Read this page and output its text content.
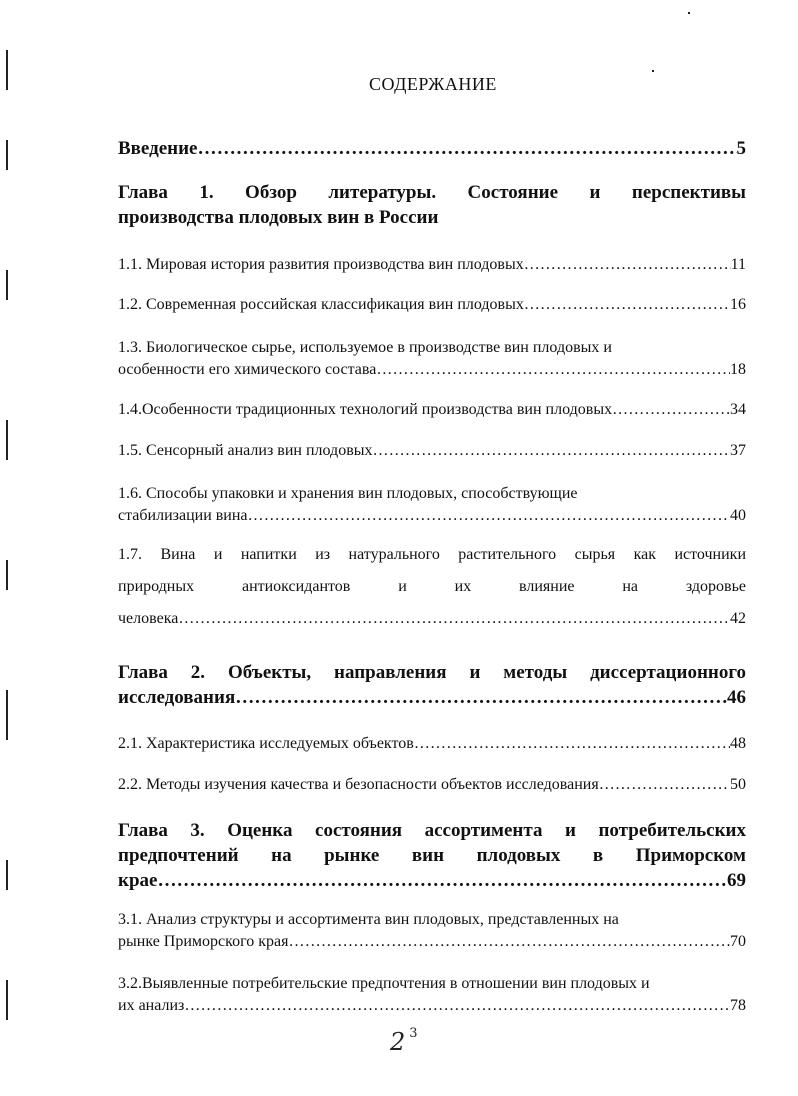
СОДЕРЖАНИЕ
Введение …………………………………………………………………………………………………………………………………………	5
Глава 1. Обзор литературы. Состояние и перспективы
производства плодовых вин в России
1.1. Мировая история развития производства вин плодовых …………………………………………………………………………………………………………………………………………	11
1.2. Современная российская классификация вин плодовых …………………………………………………………………………………………………………………………………………	16
1.3. Биологическое сырье, используемое в производстве вин плодовых и
особенности его химического состава …………………………………………………………………………………………………………………………………………	18
1.4.Особенности традиционных технологий производства вин плодовых …………………………………………………………………………………………………………………………………………	34
1.5. Сенсорный анализ вин плодовых …………………………………………………………………………………………………………………………………………	37
1.6. Способы упаковки и хранения вин плодовых, способствующие
стабилизации вина …………………………………………………………………………………………………………………………………………	40
1.7. Вина и напитки из натурального растительного сырья как источники
природных антиоксидантов и их влияние на здоровье
человека …………………………………………………………………………………………………………………………………………	42
Глава 2. Объекты, направления и методы диссертационного
исследования …………………………………………………………………………………………………………………………………………	46
2.1. Характеристика исследуемых объектов …………………………………………………………………………………………………………………………………………	48
2.2. Методы изучения качества и безопасности объектов исследования …………………………………………………………………………………………………………………………………………	50
Глава 3. Оценка состояния ассортимента и потребительских
предпочтений на рынке вин плодовых в Приморском
крае …………………………………………………………………………………………………………………………………………	69
3.1. Анализ структуры и ассортимента вин плодовых, представленных на
рынке Приморского края …………………………………………………………………………………………………………………………………………	70
3.2.Выявленные потребительские предпочтения в отношении вин плодовых и
их анализ …………………………………………………………………………………………………………………………………………	78
2 $^3$
